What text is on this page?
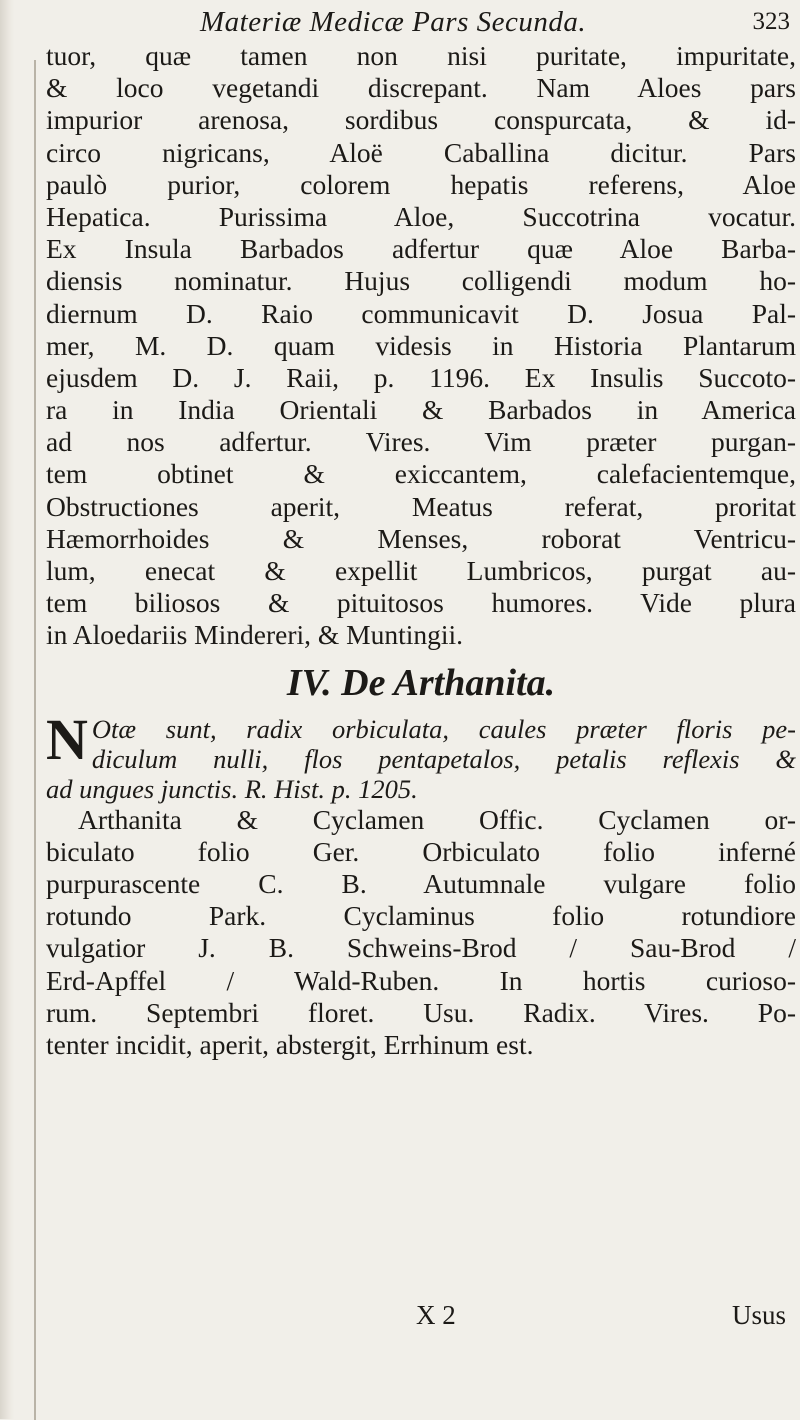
Materiæ Medicæ Pars Secunda.	323
tuor, quæ tamen non nisi puritate, impuritate,
& loco vegetandi discrepant. Nam Aloes pars
impurior arenosa, sordibus conspurcata, & id-
circo nigricans, Aloë Caballina dicitur. Pars
paulò purior, colorem hepatis referens, Aloe
Hepatica. Purissima Aloe, Succotrina vocatur.
Ex Insula Barbados adfertur quæ Aloe Barba-
diensis nominatur. Hujus colligendi modum ho-
diernum D. Raio communicavit D. Josua Pal-
mer, M. D. quam videsis in Historia Plantarum
ejusdem D. J. Raii, p. 1196. Ex Insulis Succoto-
ra in India Orientali & Barbados in America
ad nos adfertur. Vires. Vim præter purgan-
tem obtinet & exiccantem, calefacientemque,
Obstructiones aperit, Meatus referat, proritat
Hæmorrhoides & Menses, roborat Ventricu-
lum, enecat & expellit Lumbricos, purgat au-
tem biliosos & pituitosos humores. Vide plura
in Aloedariis Mindereri, & Muntingii.
IV. De Arthanita.
N Otæ sunt, radix orbiculata, caules præter floris pe-
diculum nulli, flos pentapetalos, petalis reflexis &
ad ungues junctis. R. Hist. p. 1205.
Arthanita & Cyclamen Offic. Cyclamen or-
biculato folio Ger. Orbiculato folio inferné
purpurascente C. B. Autumnale vulgare folio
rotundo Park. Cyclaminus folio rotundiore
vulgatior J. B. Schweins-Brod / Sau-Brod /
Erd-Apffel / Wald-Ruben. In hortis curioso-
rum. Septembri floret. Usu. Radix. Vires. Po-
tenter incidit, aperit, abstergit, Errhinum est.
X 2	Usus
